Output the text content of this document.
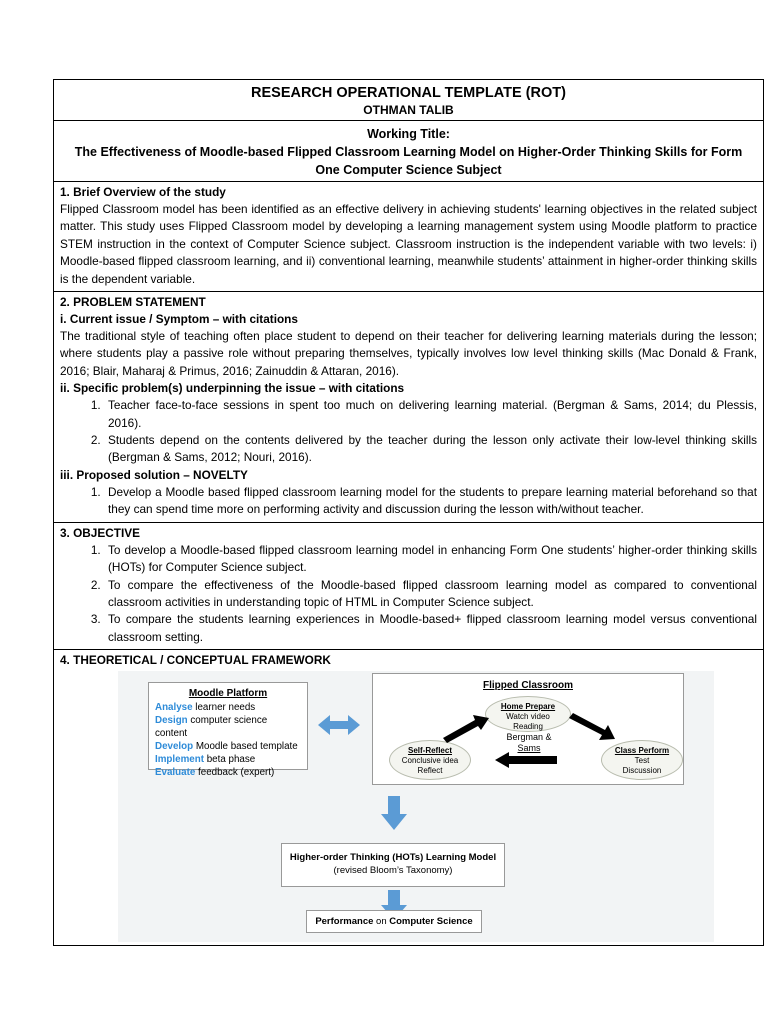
RESEARCH OPERATIONAL TEMPLATE (ROT)
OTHMAN TALIB
Working Title:
The Effectiveness of Moodle-based Flipped Classroom Learning Model on Higher-Order Thinking Skills for Form One Computer Science Subject
1. Brief Overview of the study

Flipped Classroom model has been identified as an effective delivery in achieving students' learning objectives in the related subject matter. This study uses Flipped Classroom model by developing a learning management system using Moodle platform to practice STEM instruction in the context of Computer Science subject. Classroom instruction is the independent variable with two levels: i) Moodle-based flipped classroom learning, and ii) conventional learning, meanwhile students’ attainment in higher-order thinking skills is the dependent variable.

2. PROBLEM STATEMENT
i. Current issue / Symptom – with citations

The traditional style of teaching often place student to depend on their teacher for delivering learning materials during the lesson; where students play a passive role without preparing themselves, typically involves low level thinking skills (Mac Donald & Frank, 2016; Blair, Maharaj & Primus, 2016; Zainuddin & Attaran, 2016).

ii. Specific problem(s) underpinning the issue – with citations
1. Teacher face-to-face sessions in spent too much on delivering learning material. (Bergman & Sams, 2014; du Plessis, 2016).
2. Students depend on the contents delivered by the teacher during the lesson only activate their low-level thinking skills (Bergman & Sams, 2012; Nouri, 2016).
iii. Proposed solution – NOVELTY
1. Develop a Moodle based flipped classroom learning model for the students to prepare learning material beforehand so that they can spend time more on performing activity and discussion during the lesson with/without teacher.
3. OBJECTIVE
1. To develop a Moodle-based flipped classroom learning model in enhancing Form One students’ higher-order thinking skills (HOTs) for Computer Science subject.
2. To compare the effectiveness of the Moodle-based flipped classroom learning model as compared to conventional classroom activities in understanding topic of HTML in Computer Science subject.
3. To compare the students learning experiences in Moodle-based+ flipped classroom learning model versus conventional classroom setting.
4. THEORETICAL / CONCEPTUAL FRAMEWORK
Moodle Platform
Analyse learner needs
Design computer science content
Develop Moodle based template
Implement beta phase
Evaluate feedback (expert)
Flipped Classroom
Home Prepare
Watch video
Reading
Class Perform
Test
Discussion
Self-Reflect
Conclusive idea
Reflect
Bergman &
Sams
Higher-order Thinking (HOTs) Learning Model
(revised Bloom’s Taxonomy)
Performance on Computer Science
